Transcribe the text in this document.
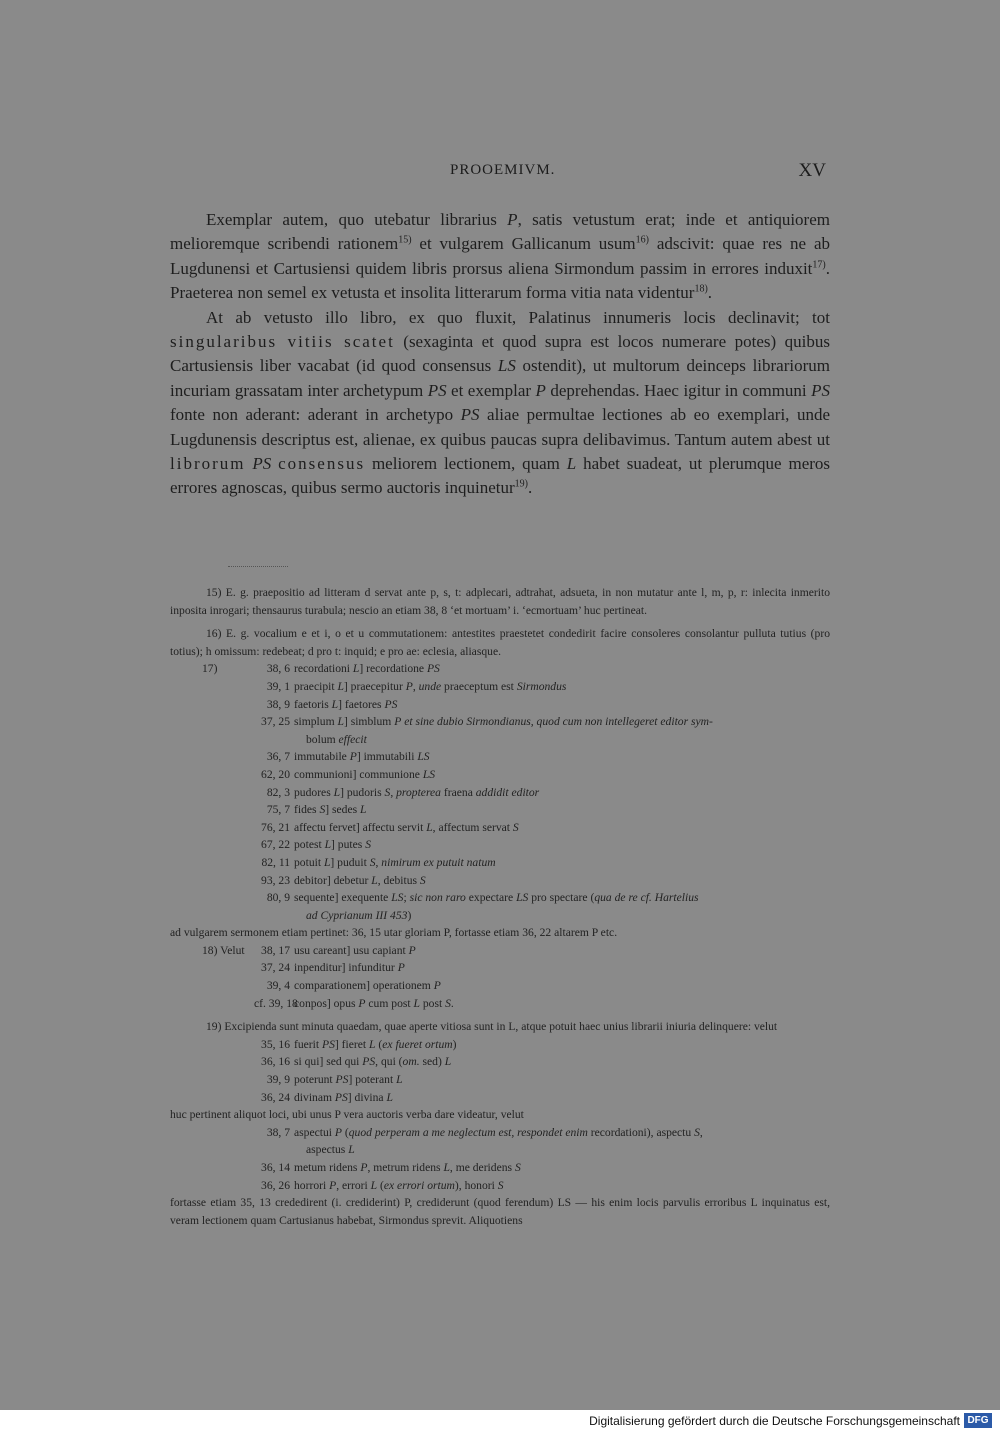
PROOEMIVM.	XV

Exemplar autem, quo utebatur librarius P, satis vetustum erat; inde et antiquiorem melioremque scribendi rationem$^{15)}$ et vulgarem Gallicanum usum$^{16)}$ adscivit: quae res ne ab Lugdunensi et Cartusiensi quidem libris prorsus aliena Sirmondum passim in errores induxit$^{17)}$. Praeterea non semel ex vetusta et insolita litterarum forma vitia nata videntur$^{18)}$.

At ab vetusto illo libro, ex quo fluxit, Palatinus innumeris locis declinavit; tot singularibus vitiis scatet (sexaginta et quod supra est locos numerare potes) quibus Cartusiensis liber vacabat (id quod consensus LS ostendit), ut multorum deinceps librariorum incuriam grassatam inter archetypum PS et exemplar P deprehendas. Haec igitur in communi PS fonte non aderant: aderant in archetypo PS aliae permultae lectiones ab eo exemplari, unde Lugdunensis descriptus est, alienae, ex quibus paucas supra delibavimus. Tantum autem abest ut librorum PS consensus meliorem lectionem, quam L habet suadeat, ut plerumque meros errores agnoscas, quibus sermo auctoris inquinetur$^{19)}$.

15) E. g. praepositio ad litteram d servat ante p, s, t: adplecari, adtrahat, adsueta, in non mutatur ante l, m, p, r: inlecita inmerito inposita inrogari; thensaurus turabula; nescio an etiam 38, 8 ‘et mortuam’ i. ‘ecmortuam’ huc pertineat.

16) E. g. vocalium e et i, o et u commutationem: antestites praestetet condedirit facire consoleres consolantur pulluta tutius (pro totius); h omissum: redebeat; d pro t: inquid; e pro ae: eclesia, aliasque.

17)	38, 6 recordationi L] recordatione PS
39, 1 praecipit L] praecepitur P, unde praeceptum est Sirmondus
38, 9 faetoris L] faetores PS
37, 25 simplum L] simblum P et sine dubio Sirmondianus, quod cum non intellegeret editor sym-
bolum effecit
36, 7 immutabile P] immutabili LS
62, 20 communioni] communione LS
82, 3 pudores L] pudoris S, propterea fraena addidit editor
75, 7 fides S] sedes L
76, 21 affectu fervet] affectu servit L, affectum servat S
67, 22 potest L] putes S
82, 11 potuit L] puduit S, nimirum ex putuit natum
93, 23 debitor] debetur L, debitus S
80, 9 sequente] exequente LS; sic non raro expectare LS pro spectare (qua de re cf. Hartelius
ad Cyprianum III 453)

ad vulgarem sermonem etiam pertinet: 36, 15 utar gloriam P, fortasse etiam 36, 22 altarem P etc.

18) Velut	38, 17 usu careant] usu capiant P
37, 24 inpenditur] infunditur P
39, 4 comparationem] operationem P
cf. 39, 18
conpos] opus P cum post L post S.

19) Excipienda sunt minuta quaedam, quae aperte vitiosa sunt in L, atque potuit haec unius librarii iniuria delinquere: velut

35, 16 fuerit PS] fieret L (ex fueret ortum)
36, 16 si qui] sed qui PS, qui (om. sed) L
39, 9 poterunt PS] poterant L
36, 24 divinam PS] divina L

huc pertinent aliquot loci, ubi unus P vera auctoris verba dare videatur, velut

38, 7 aspectui P (quod perperam a me neglectum est, respondet enim recordationi), aspectu S,
aspectus L
36, 14 metum ridens P, metrum ridens L, me deridens S
36, 26 horrori P, errori L (ex errori ortum), honori S

fortasse etiam 35, 13 crededirent (i. crediderint) P, crediderunt (quod ferendum) LS — his enim locis parvulis erroribus L inquinatus est, veram lectionem quam Cartusianus habebat, Sirmondus sprevit. Aliquotiens

Digitalisierung gefördert durch die Deutsche Forschungsgemeinschaft DFG
